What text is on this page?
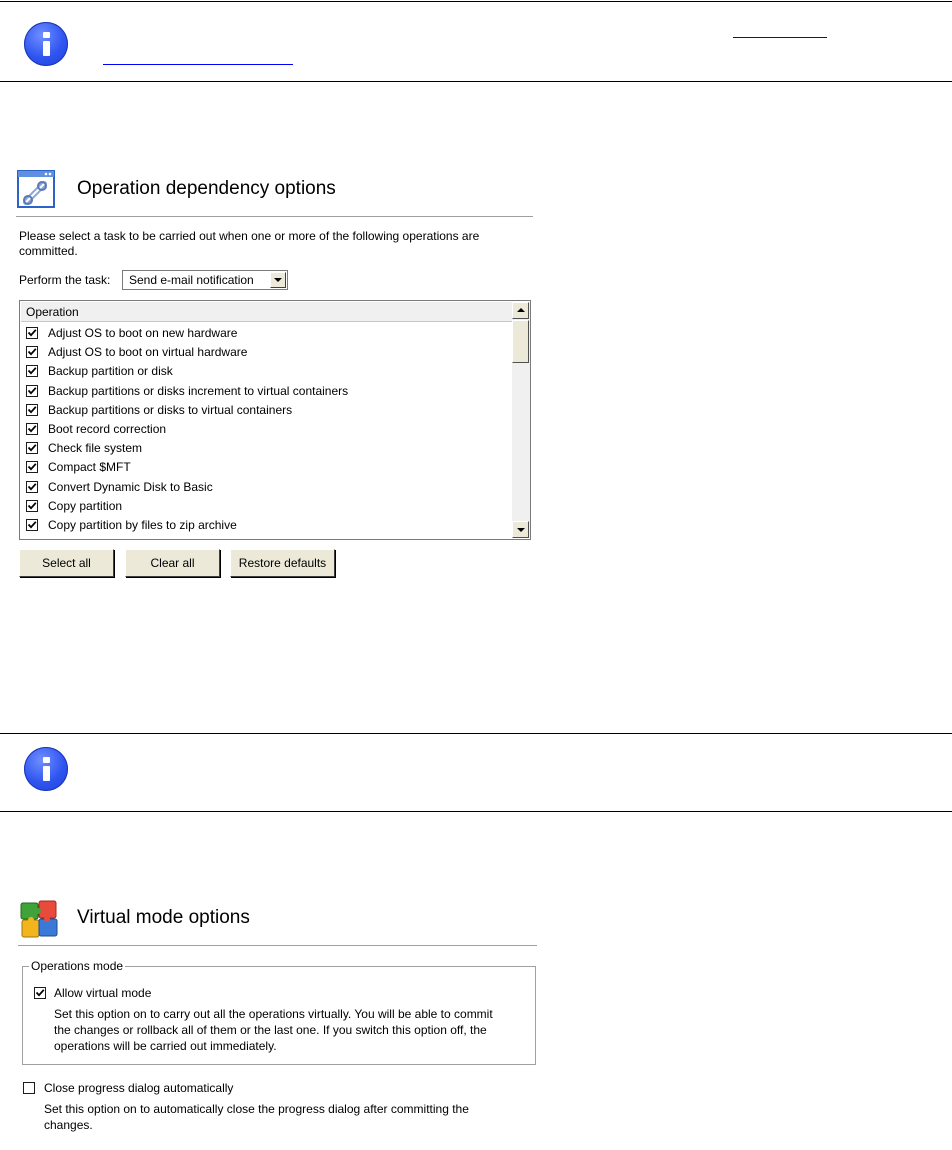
Operation dependency options
Please select a task to be carried out when one or more of the following operations are committed.
Perform the task: Send e-mail notification
Operation
Adjust OS to boot on new hardware
Adjust OS to boot on virtual hardware
Backup partition or disk
Backup partitions or disks increment to virtual containers
Backup partitions or disks to virtual containers
Boot record correction
Check file system
Compact $MFT
Convert Dynamic Disk to Basic
Copy partition
Copy partition by files to zip archive
Select all	Clear all	Restore defaults
Virtual mode options
Operations mode
Allow virtual mode
Set this option on to carry out all the operations virtually. You will be able to commit
the changes or rollback all of them or the last one. If you switch this option off, the
operations will be carried out immediately.
Close progress dialog automatically
Set this option on to automatically close the progress dialog after committing the
changes.
